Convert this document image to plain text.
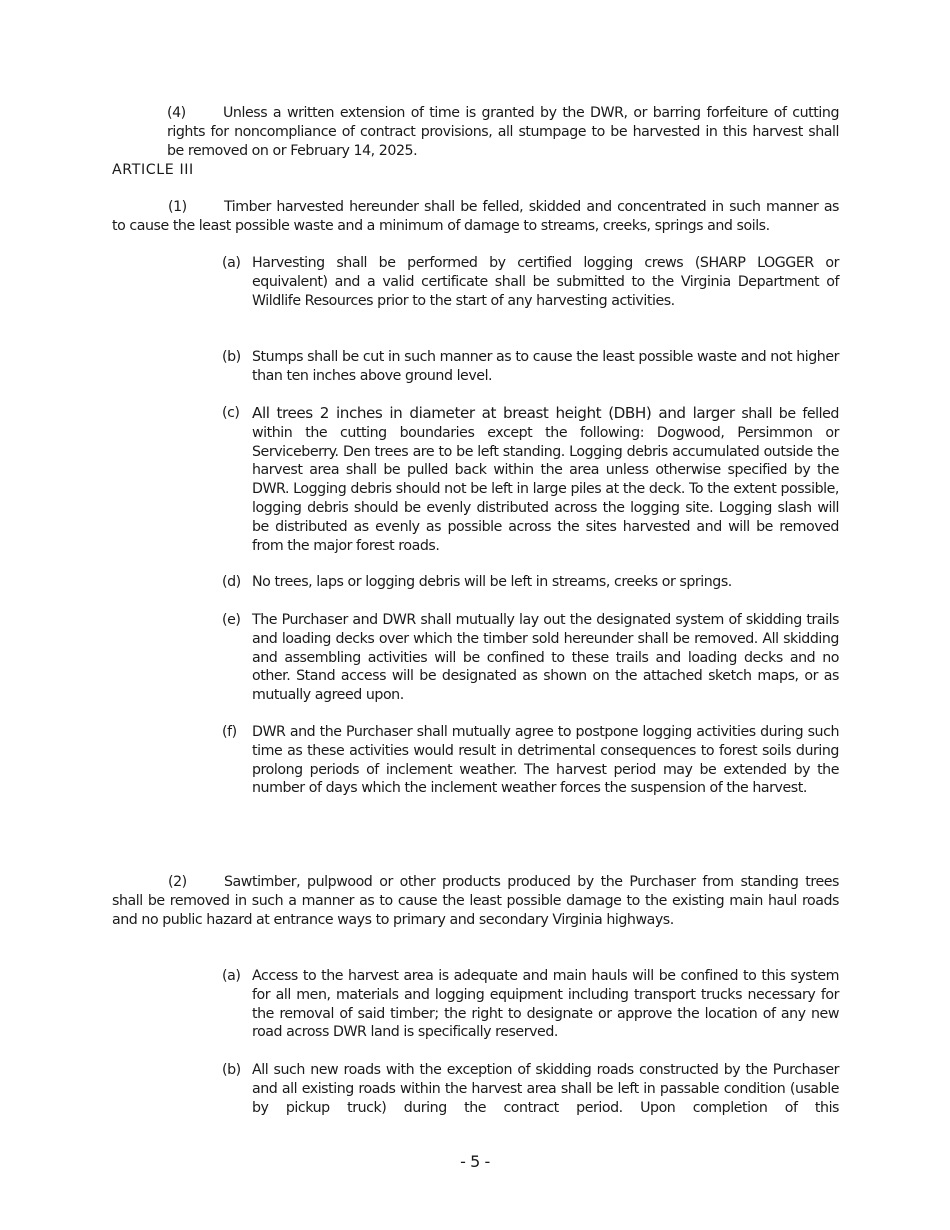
(4)	Unless a written extension of time is granted by the DWR, or barring forfeiture of cutting rights for noncompliance of contract provisions, all stumpage to be harvested in this harvest shall be removed on or February 14, 2025.

ARTICLE III

(1)	Timber harvested hereunder shall be felled, skidded and concentrated in such manner as to cause the least possible waste and a minimum of damage to streams, creeks, springs and soils.

(a) Harvesting shall be performed by certified logging crews (SHARP LOGGER or equivalent) and a valid certificate shall be submitted to the Virginia Department of Wildlife Resources prior to the start of any harvesting activities.

(b) Stumps shall be cut in such manner as to cause the least possible waste and not higher than ten inches above ground level.

(c) All trees 2 inches in diameter at breast height (DBH) and larger shall be felled within the cutting boundaries except the following: Dogwood, Persimmon or Serviceberry. Den trees are to be left standing. Logging debris accumulated outside the harvest area shall be pulled back within the area unless otherwise specified by the DWR. Logging debris should not be left in large piles at the deck. To the extent possible, logging debris should be evenly distributed across the logging site. Logging slash will be distributed as evenly as possible across the sites harvested and will be removed from the major forest roads.

(d) No trees, laps or logging debris will be left in streams, creeks or springs.

(e) The Purchaser and DWR shall mutually lay out the designated system of skidding trails and loading decks over which the timber sold hereunder shall be removed. All skidding and assembling activities will be confined to these trails and loading decks and no other. Stand access will be designated as shown on the attached sketch maps, or as mutually agreed upon.

(f) DWR and the Purchaser shall mutually agree to postpone logging activities during such time as these activities would result in detrimental consequences to forest soils during prolong periods of inclement weather. The harvest period may be extended by the number of days which the inclement weather forces the suspension of the harvest.

(2)	Sawtimber, pulpwood or other products produced by the Purchaser from standing trees shall be removed in such a manner as to cause the least possible damage to the existing main haul roads and no public hazard at entrance ways to primary and secondary Virginia highways.

(a) Access to the harvest area is adequate and main hauls will be confined to this system for all men, materials and logging equipment including transport trucks necessary for the removal of said timber; the right to designate or approve the location of any new road across DWR land is specifically reserved.

(b) All such new roads with the exception of skidding roads constructed by the Purchaser and all existing roads within the harvest area shall be left in passable condition (usable by pickup truck) during the contract period. Upon completion of this

- 5 -
